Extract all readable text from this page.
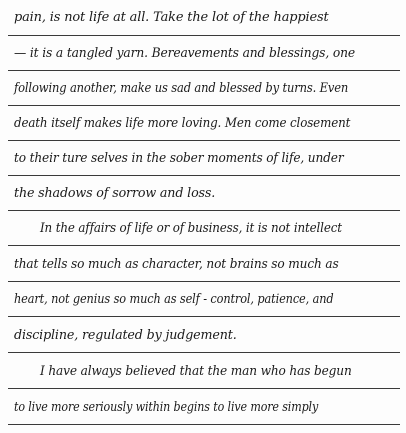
pain, is not life at all. Take the lot of the happiest
— it is a tangled yarn. Bereavements and blessings, one
following another, make us sad and blessed by turns. Even
death itself makes life more loving. Men come closement
to their ture selves in the sober moments of life, under
the shadows of sorrow and loss.
In the affairs of life or of business, it is not intellect
that tells so much as character, not brains so much as
heart, not genius so much as self - control, patience, and
discipline, regulated by judgement.
I have always believed that the man who has begun
to live more seriously within begins to live more simply
